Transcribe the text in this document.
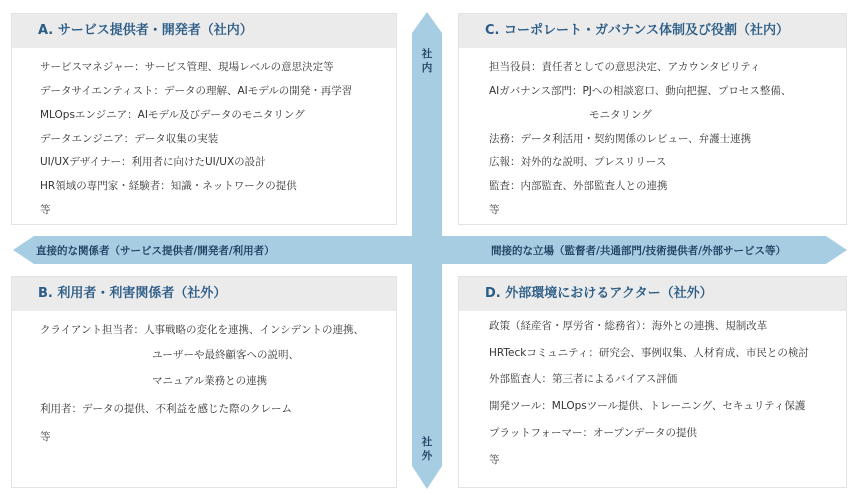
A. サービス提供者・開発者（社内）
サービスマネジャー：サービス管理、現場レベルの意思決定等
データサイエンティスト：データの理解、AIモデルの開発・再学習
MLOpsエンジニア：AIモデル及びデータのモニタリング
データエンジニア：データ収集の実装
UI/UXデザイナー：利用者に向けたUI/UXの設計
HR領域の専門家・経験者：知識・ネットワークの提供
等
C. コーポレート・ガバナンス体制及び役割（社内）
担当役員：責任者としての意思決定、アカウンタビリティ
AIガバナンス部門：PJへの相談窓口、動向把握、プロセス整備、
モニタリング
法務：データ利活用・契約関係のレビュー、弁護士連携
広報：対外的な説明、プレスリリース
監査：内部監査、外部監査人との連携
等
B. 利用者・利害関係者（社外）
クライアント担当者：人事戦略の変化を連携、インシデントの連携、
ユーザーや最終顧客への説明、
マニュアル業務との連携
利用者：データの提供、不利益を感じた際のクレーム
等
D. 外部環境におけるアクター（社外）
政策（経産省・厚労省・総務省）：海外との連携、規制改革
HRTeckコミュニティ：研究会、事例収集、人材育成、市民との検討
外部監査人：第三者によるバイアス評価
開発ツール：MLOpsツール提供、トレーニング、セキュリティ保護
プラットフォーマー：オープンデータの提供
等
社内
社外
直接的な関係者（サービス提供者/開発者/利用者）	間接的な立場（監督者/共通部門/技術提供者/外部サービス等）
